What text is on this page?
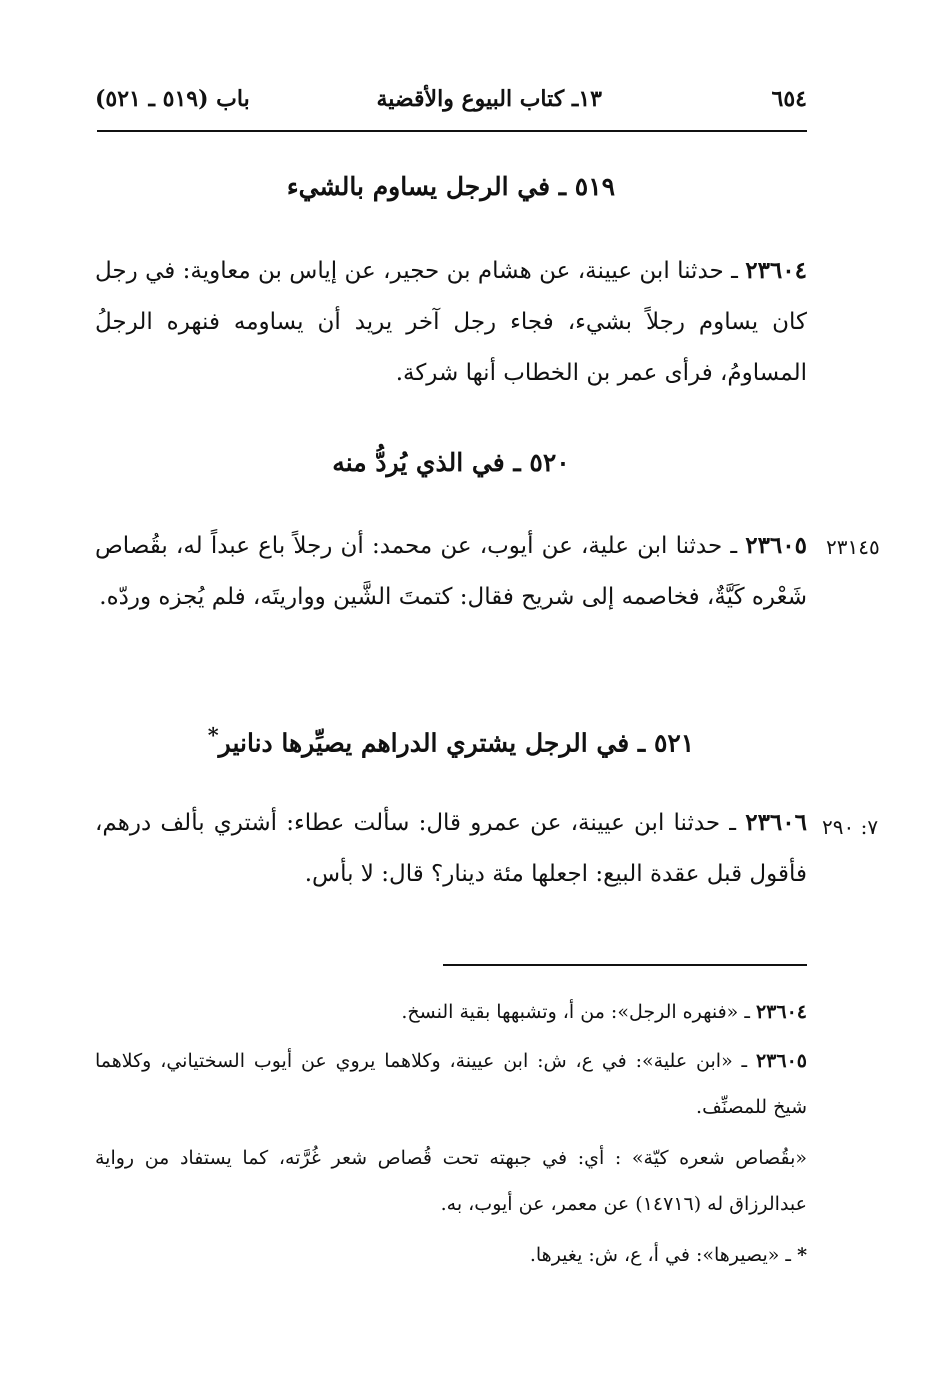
٦٥٤
١٣ـ كتاب البيوع والأقضية
باب (٥١٩ ـ ٥٢١)
٥١٩ ـ في الرجل يساوم بالشيء
٢٣٦٠٤ ـ حدثنا ابن عيينة، عن هشام بن حجير، عن إياس بن معاوية: في رجل كان يساوم رجلاً بشيء، فجاء رجل آخر يريد أن يساومه فنهره الرجلُ المساومُ، فرأى عمر بن الخطاب أنها شركة.
٥٢٠ ـ في الذي يُردُّ منه
٢٣١٤٥
٢٣٦٠٥ ـ حدثنا ابن علية، عن أيوب، عن محمد: أن رجلاً باع عبداً له، بقُصاص شَعْره كَيَّةٌ، فخاصمه إلى شريح فقال: كتمتَ الشَّين وواريتَه، فلم يُجزه وردّه.
٥٢١ ـ في الرجل يشتري الدراهم يصيِّرها دنانير*
٧: ٢٩٠
٢٣٦٠٦ ـ حدثنا ابن عيينة، عن عمرو قال: سألت عطاء: أشتري بألف درهم، فأقول قبل عقدة البيع: اجعلها مئة دينار؟ قال: لا بأس.
٢٣٦٠٤ ـ «فنهره الرجل»: من أ، وتشبهها بقية النسخ.
٢٣٦٠٥ ـ «ابن علية»: في ع، ش: ابن عيينة، وكلاهما يروي عن أيوب السختياني، وكلاهما شيخ للمصنِّف.
«بقُصاص شعره كيّة» : أي: في جبهته تحت قُصاص شعر غُرَّته، كما يستفاد من رواية عبدالرزاق له (١٤٧١٦) عن معمر، عن أيوب، به.
* ـ «يصيرها»: في أ، ع، ش: يغيرها.
